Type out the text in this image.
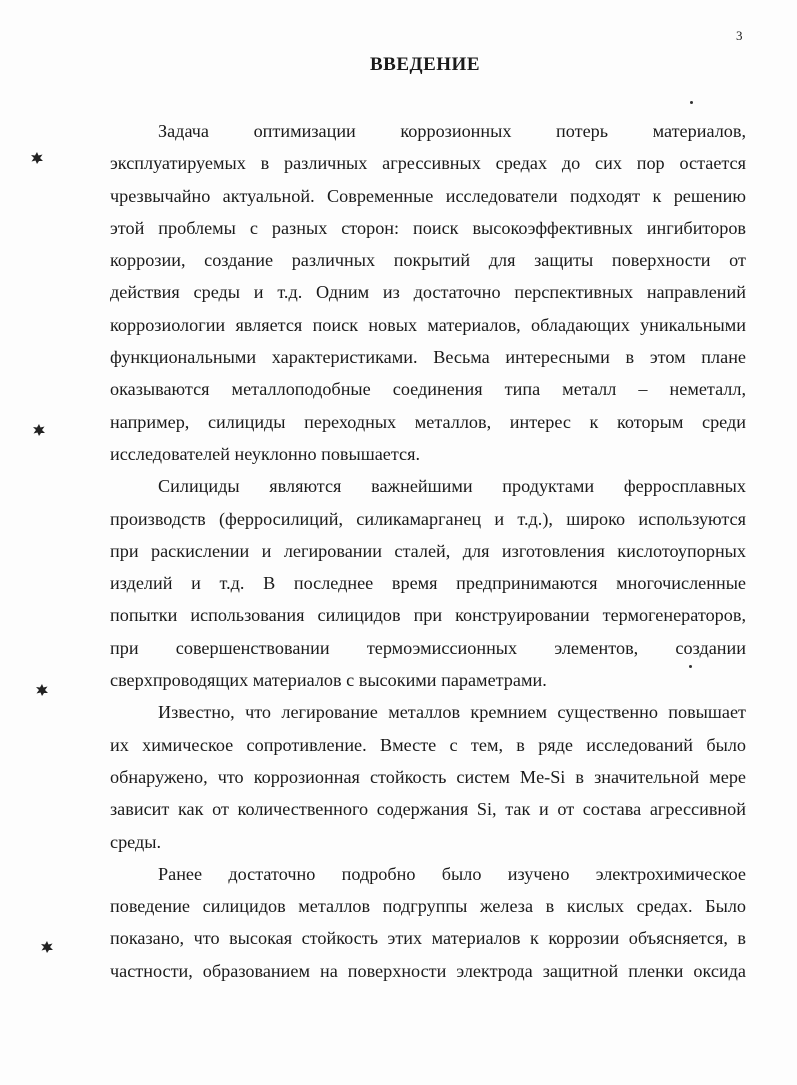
3
ВВЕДЕНИЕ
Задача оптимизации коррозионных потерь материалов,
эксплуатируемых в различных агрессивных средах до сих пор остается
чрезвычайно актуальной. Современные исследователи подходят к решению
этой проблемы с разных сторон: поиск высокоэффективных ингибиторов
коррозии, создание различных покрытий для защиты поверхности от
действия среды и т.д. Одним из достаточно перспективных направлений
коррозиологии является поиск новых материалов, обладающих уникальными
функциональными характеристиками. Весьма интересными в этом плане
оказываются металлоподобные соединения типа металл – неметалл,
например, силициды переходных металлов, интерес к которым среди
исследователей неуклонно повышается.
Силициды являются важнейшими продуктами ферросплавных
производств (ферросилиций, силикамарганец и т.д.), широко используются
при раскислении и легировании сталей, для изготовления кислотоупорных
изделий и т.д. В последнее время предпринимаются многочисленные
попытки использования силицидов при конструировании термогенераторов,
при совершенствовании термоэмиссионных элементов, создании
сверхпроводящих материалов с высокими параметрами.
Известно, что легирование металлов кремнием существенно повышает
их химическое сопротивление. Вместе с тем, в ряде исследований было
обнаружено, что коррозионная стойкость систем Me-Si в значительной мере
зависит как от количественного содержания Si, так и от состава агрессивной
среды.
Ранее достаточно подробно было изучено электрохимическое
поведение силицидов металлов подгруппы железа в кислых средах. Было
показано, что высокая стойкость этих материалов к коррозии объясняется, в
частности, образованием на поверхности электрода защитной пленки оксида
